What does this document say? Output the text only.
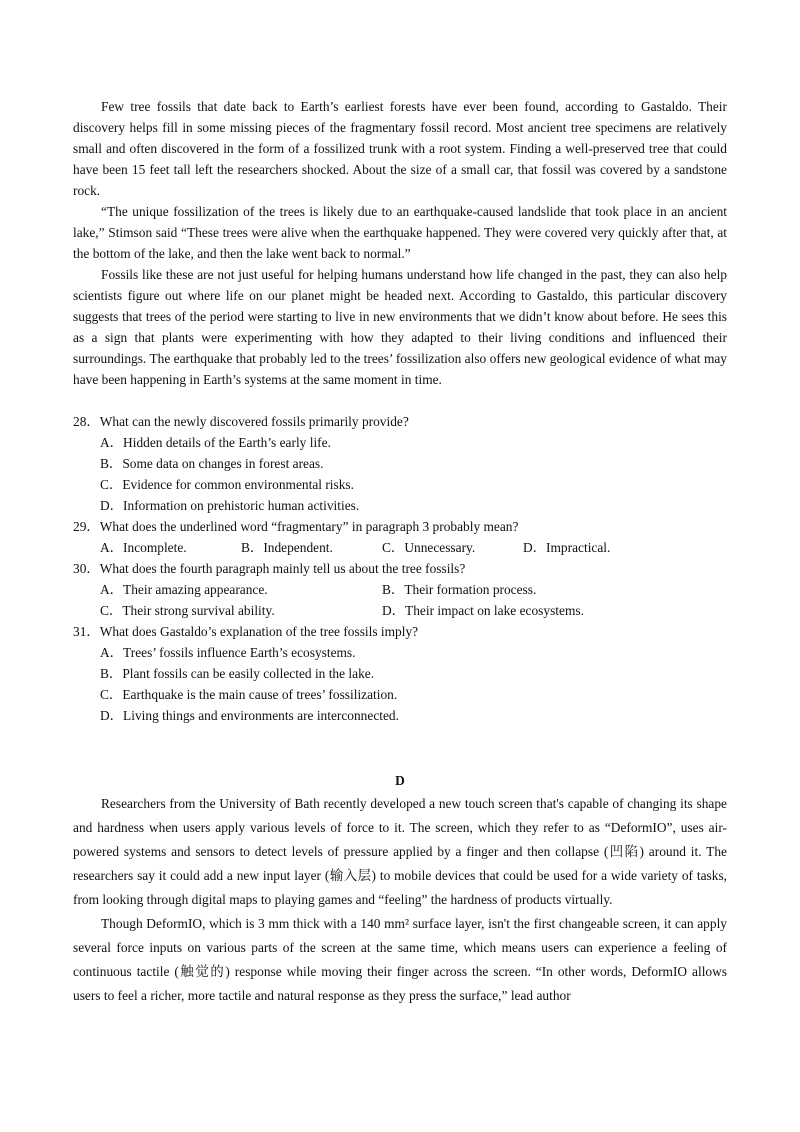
Few tree fossils that date back to Earth’s earliest forests have ever been found, according to Gastaldo. Their discovery helps fill in some missing pieces of the fragmentary fossil record. Most ancient tree specimens are relatively small and often discovered in the form of a fossilized trunk with a root system. Finding a well-preserved tree that could have been 15 feet tall left the researchers shocked. About the size of a small car, that fossil was covered by a sandstone rock.

“The unique fossilization of the trees is likely due to an earthquake-caused landslide that took place in an ancient lake,” Stimson said “These trees were alive when the earthquake happened. They were covered very quickly after that, at the bottom of the lake, and then the lake went back to normal.”

Fossils like these are not just useful for helping humans understand how life changed in the past, they can also help scientists figure out where life on our planet might be headed next. According to Gastaldo, this particular discovery suggests that trees of the period were starting to live in new environments that we didn’t know about before. He sees this as a sign that plants were experimenting with how they adapted to their living conditions and influenced their surroundings. The earthquake that probably led to the trees’ fossilization also offers new geological evidence of what may have been happening in Earth’s systems at the same moment in time.

28．What can the newly discovered fossils primarily provide?
A．Hidden details of the Earth’s early life.
B．Some data on changes in forest areas.
C．Evidence for common environmental risks.
D．Information on prehistoric human activities.
29．What does the underlined word “fragmentary” in paragraph 3 probably mean?
A．Incomplete.	B．Independent.	C．Unnecessary.	D．Impractical.
30．What does the fourth paragraph mainly tell us about the tree fossils?
A．Their amazing appearance.	B．Their formation process.
C．Their strong survival ability.	D．Their impact on lake ecosystems.
31．What does Gastaldo’s explanation of the tree fossils imply?
A．Trees’ fossils influence Earth’s ecosystems.
B．Plant fossils can be easily collected in the lake.
C．Earthquake is the main cause of trees’ fossilization.
D．Living things and environments are interconnected.
D

Researchers from the University of Bath recently developed a new touch screen that's capable of changing its shape and hardness when users apply various levels of force to it. The screen, which they refer to as “DeformIO”, uses air-powered systems and sensors to detect levels of pressure applied by a finger and then collapse (凹陷) around it. The researchers say it could add a new input layer (输入层) to mobile devices that could be used for a wide variety of tasks, from looking through digital maps to playing games and “feeling” the hardness of products virtually.

Though DeformIO, which is 3 mm thick with a 140 mm² surface layer, isn't the first changeable screen, it can apply several force inputs on various parts of the screen at the same time, which means users can experience a feeling of continuous tactile (触觉的) response while moving their finger across the screen. “In other words, DeformIO allows users to feel a richer, more tactile and natural response as they press the surface,” lead author
